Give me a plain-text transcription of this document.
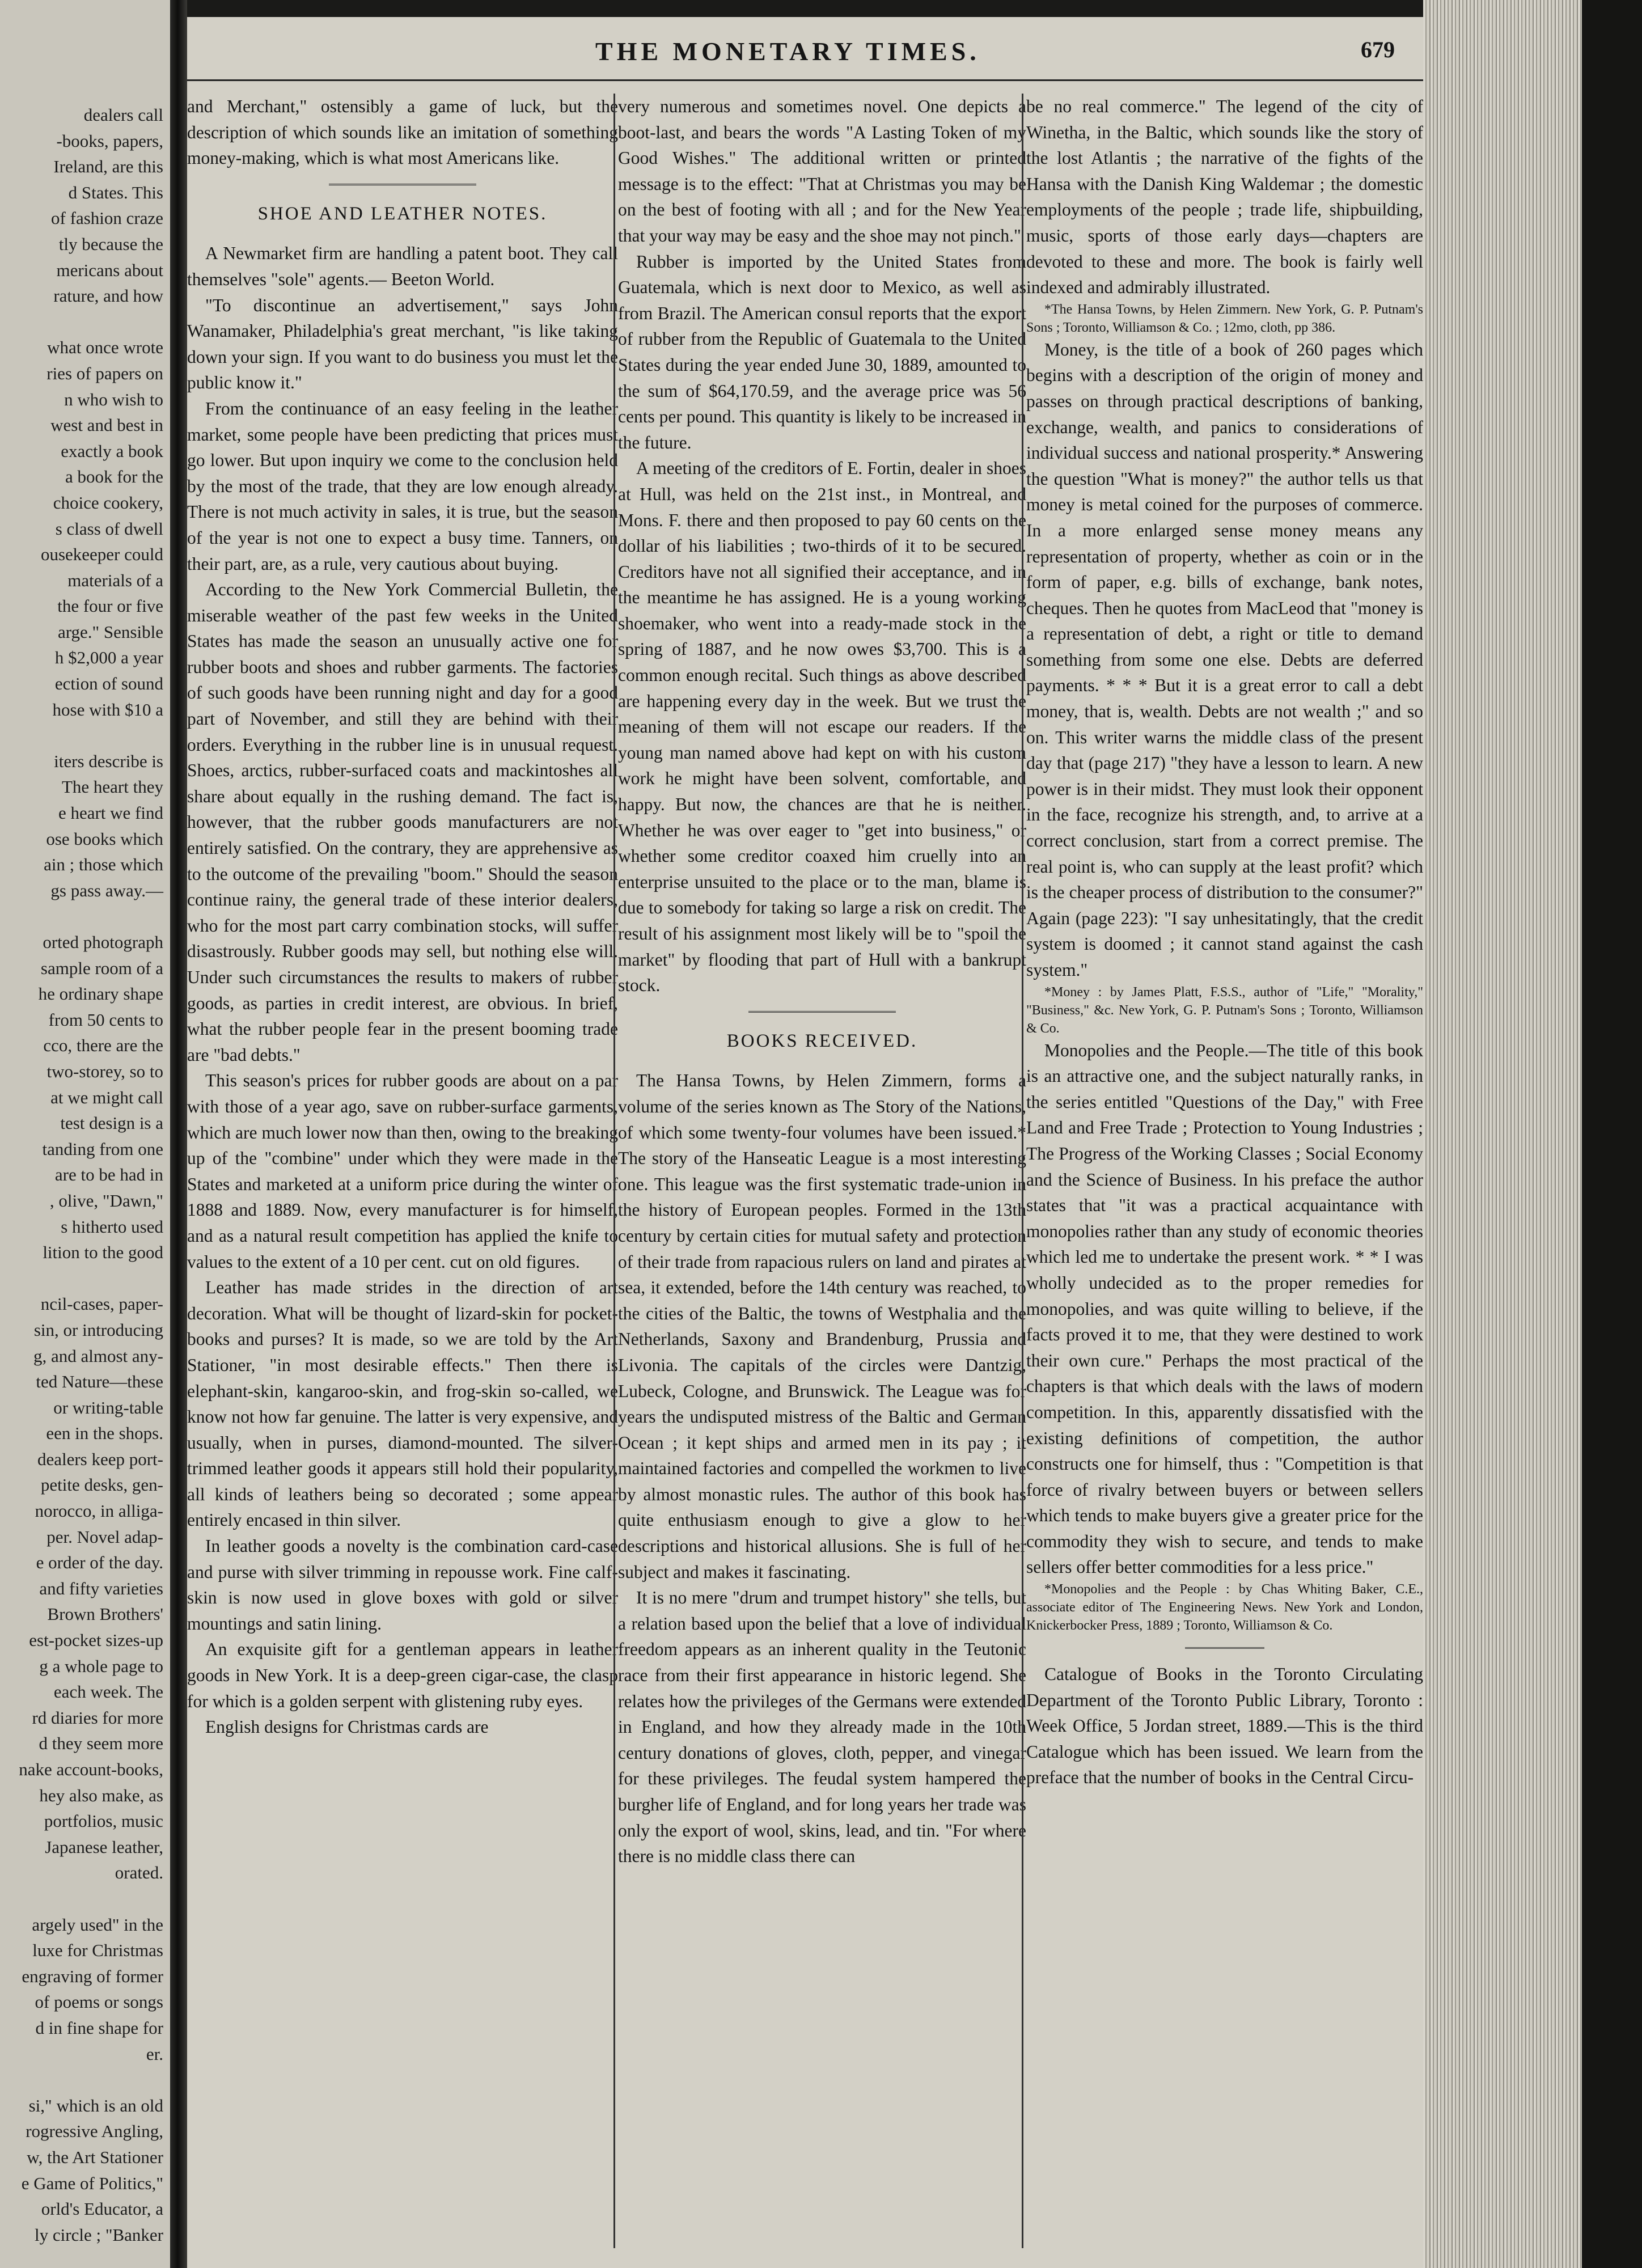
dealers call
-books, papers,
Ireland, are this
d States. This
of fashion craze
tly because the
mericans about
rature, and how

what once wrote
ries of papers on
n who wish to
west and best in
exactly a book
a book for the
choice cookery,
s class of dwell
ousekeeper could
materials of a
the four or five
arge." Sensible
h $2,000 a year
ection of sound
hose with $10 a

iters describe is
The heart they
e heart we find
ose books which
ain ; those which
gs pass away.—

orted photograph
sample room of a
he ordinary shape
from 50 cents to
cco, there are the
two-storey, so to
at we might call
test design is a
tanding from one
are to be had in
, olive, "Dawn,"
s hitherto used
lition to the good

ncil-cases, paper-
sin, or introducing
g, and almost any-
ted Nature—these
or writing-table
een in the shops.
dealers keep port-
petite desks, gen-
norocco, in alliga-
per. Novel adap-
e order of the day.
and fifty varieties
Brown Brothers'
est-pocket sizes-up
g a whole page to
each week. The
rd diaries for more
d they seem more
nake account-books,
hey also make, as
portfolios, music
Japanese leather,
orated.

argely used" in the
luxe for Christmas
engraving of former
of poems or songs
d in fine shape for
er.

si," which is an old
rogressive Angling,
w, the Art Stationer
e Game of Politics,"
orld's Educator, a
ly circle ; "Banker
THE MONETARY TIMES.	679

and Merchant," ostensibly a game of luck, but the description of which sounds like an imitation of something money-making, which is what most Americans like.

SHOE AND LEATHER NOTES.

A Newmarket firm are handling a patent boot. They call themselves "sole" agents.— Beeton World.

"To discontinue an advertisement," says John Wanamaker, Philadelphia's great merchant, "is like taking down your sign. If you want to do business you must let the public know it."

From the continuance of an easy feeling in the leather market, some people have been predicting that prices must go lower. But upon inquiry we come to the conclusion held by the most of the trade, that they are low enough already. There is not much activity in sales, it is true, but the season of the year is not one to expect a busy time. Tanners, on their part, are, as a rule, very cautious about buying.

According to the New York Commercial Bulletin, the miserable weather of the past few weeks in the United States has made the season an unusually active one for rubber boots and shoes and rubber garments. The factories of such goods have been running night and day for a good part of November, and still they are behind with their orders. Everything in the rubber line is in unusual request. Shoes, arctics, rubber-surfaced coats and mackintoshes all share about equally in the rushing demand. The fact is, however, that the rubber goods manufacturers are not entirely satisfied. On the contrary, they are apprehensive as to the outcome of the prevailing "boom." Should the season continue rainy, the general trade of these interior dealers, who for the most part carry combination stocks, will suffer disastrously. Rubber goods may sell, but nothing else will. Under such circumstances the results to makers of rubber goods, as parties in credit interest, are obvious. In brief, what the rubber people fear in the present booming trade are "bad debts."

This season's prices for rubber goods are about on a par with those of a year ago, save on rubber-surface garments, which are much lower now than then, owing to the breaking up of the "combine" under which they were made in the States and marketed at a uniform price during the winter of 1888 and 1889. Now, every manufacturer is for himself, and as a natural result competition has applied the knife to values to the extent of a 10 per cent. cut on old figures.

Leather has made strides in the direction of art decoration. What will be thought of lizard-skin for pocket-books and purses? It is made, so we are told by the Art Stationer, "in most desirable effects." Then there is elephant-skin, kangaroo-skin, and frog-skin so-called, we know not how far genuine. The latter is very expensive, and usually, when in purses, diamond-mounted. The silver-trimmed leather goods it appears still hold their popularity, all kinds of leathers being so decorated ; some appear entirely encased in thin silver.

In leather goods a novelty is the combination card-case and purse with silver trimming in repousse work. Fine calf-skin is now used in glove boxes with gold or silver mountings and satin lining.

An exquisite gift for a gentleman appears in leather goods in New York. It is a deep-green cigar-case, the clasp for which is a golden serpent with glistening ruby eyes.

English designs for Christmas cards are

very numerous and sometimes novel. One depicts a boot-last, and bears the words "A Lasting Token of my Good Wishes." The additional written or printed message is to the effect: "That at Christmas you may be on the best of footing with all ; and for the New Year that your way may be easy and the shoe may not pinch."

Rubber is imported by the United States from Guatemala, which is next door to Mexico, as well as from Brazil. The American consul reports that the export of rubber from the Republic of Guatemala to the United States during the year ended June 30, 1889, amounted to the sum of $64,170.59, and the average price was 56 cents per pound. This quantity is likely to be increased in the future.

A meeting of the creditors of E. Fortin, dealer in shoes at Hull, was held on the 21st inst., in Montreal, and Mons. F. there and then proposed to pay 60 cents on the dollar of his liabilities ; two-thirds of it to be secured. Creditors have not all signified their acceptance, and in the meantime he has assigned. He is a young working shoemaker, who went into a ready-made stock in the spring of 1887, and he now owes $3,700. This is a common enough recital. Such things as above described are happening every day in the week. But we trust the meaning of them will not escape our readers. If the young man named above had kept on with his custom work he might have been solvent, comfortable, and happy. But now, the chances are that he is neither. Whether he was over eager to "get into business," or whether some creditor coaxed him cruelly into an enterprise unsuited to the place or to the man, blame is due to somebody for taking so large a risk on credit. The result of his assignment most likely will be to "spoil the market" by flooding that part of Hull with a bankrupt stock.

BOOKS RECEIVED.

The Hansa Towns, by Helen Zimmern, forms a volume of the series known as The Story of the Nations, of which some twenty-four volumes have been issued.* The story of the Hanseatic League is a most interesting one. This league was the first systematic trade-union in the history of European peoples. Formed in the 13th century by certain cities for mutual safety and protection of their trade from rapacious rulers on land and pirates at sea, it extended, before the 14th century was reached, to the cities of the Baltic, the towns of Westphalia and the Netherlands, Saxony and Brandenburg, Prussia and Livonia. The capitals of the circles were Dantzig, Lubeck, Cologne, and Brunswick. The League was for years the undisputed mistress of the Baltic and German Ocean ; it kept ships and armed men in its pay ; it maintained factories and compelled the workmen to live by almost monastic rules. The author of this book has quite enthusiasm enough to give a glow to her descriptions and historical allusions. She is full of her subject and makes it fascinating.

It is no mere "drum and trumpet history" she tells, but a relation based upon the belief that a love of individual freedom appears as an inherent quality in the Teutonic race from their first appearance in historic legend. She relates how the privileges of the Germans were extended in England, and how they already made in the 10th century donations of gloves, cloth, pepper, and vinegar for these privileges. The feudal system hampered the burgher life of England, and for long years her trade was only the export of wool, skins, lead, and tin. "For where there is no middle class there can

be no real commerce." The legend of the city of Winetha, in the Baltic, which sounds like the story of the lost Atlantis ; the narrative of the fights of the Hansa with the Danish King Waldemar ; the domestic employments of the people ; trade life, shipbuilding, music, sports of those early days—chapters are devoted to these and more. The book is fairly well indexed and admirably illustrated.

*The Hansa Towns, by Helen Zimmern. New York, G. P. Putnam's Sons ; Toronto, Williamson & Co. ; 12mo, cloth, pp 386.

Money, is the title of a book of 260 pages which begins with a description of the origin of money and passes on through practical descriptions of banking, exchange, wealth, and panics to considerations of individual success and national prosperity.* Answering the question "What is money?" the author tells us that money is metal coined for the purposes of commerce. In a more enlarged sense money means any representation of property, whether as coin or in the form of paper, e.g. bills of exchange, bank notes, cheques. Then he quotes from MacLeod that "money is a representation of debt, a right or title to demand something from some one else. Debts are deferred payments. * * * But it is a great error to call a debt money, that is, wealth. Debts are not wealth ;" and so on. This writer warns the middle class of the present day that (page 217) "they have a lesson to learn. A new power is in their midst. They must look their opponent in the face, recognize his strength, and, to arrive at a correct conclusion, start from a correct premise. The real point is, who can supply at the least profit? which is the cheaper process of distribution to the consumer?" Again (page 223): "I say unhesitatingly, that the credit system is doomed ; it cannot stand against the cash system."

*Money : by James Platt, F.S.S., author of "Life," "Morality," "Business," &c. New York, G. P. Putnam's Sons ; Toronto, Williamson & Co.

Monopolies and the People.—The title of this book is an attractive one, and the subject naturally ranks, in the series entitled "Questions of the Day," with Free Land and Free Trade ; Protection to Young Industries ; The Progress of the Working Classes ; Social Economy and the Science of Business. In his preface the author states that "it was a practical acquaintance with monopolies rather than any study of economic theories which led me to undertake the present work. * * I was wholly undecided as to the proper remedies for monopolies, and was quite willing to believe, if the facts proved it to me, that they were destined to work their own cure." Perhaps the most practical of the chapters is that which deals with the laws of modern competition. In this, apparently dissatisfied with the existing definitions of competition, the author constructs one for himself, thus : "Competition is that force of rivalry between buyers or between sellers which tends to make buyers give a greater price for the commodity they wish to secure, and tends to make sellers offer better commodities for a less price."

*Monopolies and the People : by Chas Whiting Baker, C.E., associate editor of The Engineering News. New York and London, Knickerbocker Press, 1889 ; Toronto, Williamson & Co.

Catalogue of Books in the Toronto Circulating Department of the Toronto Public Library, Toronto : Week Office, 5 Jordan street, 1889.—This is the third Catalogue which has been issued. We learn from the preface that the number of books in the Central Circu-
